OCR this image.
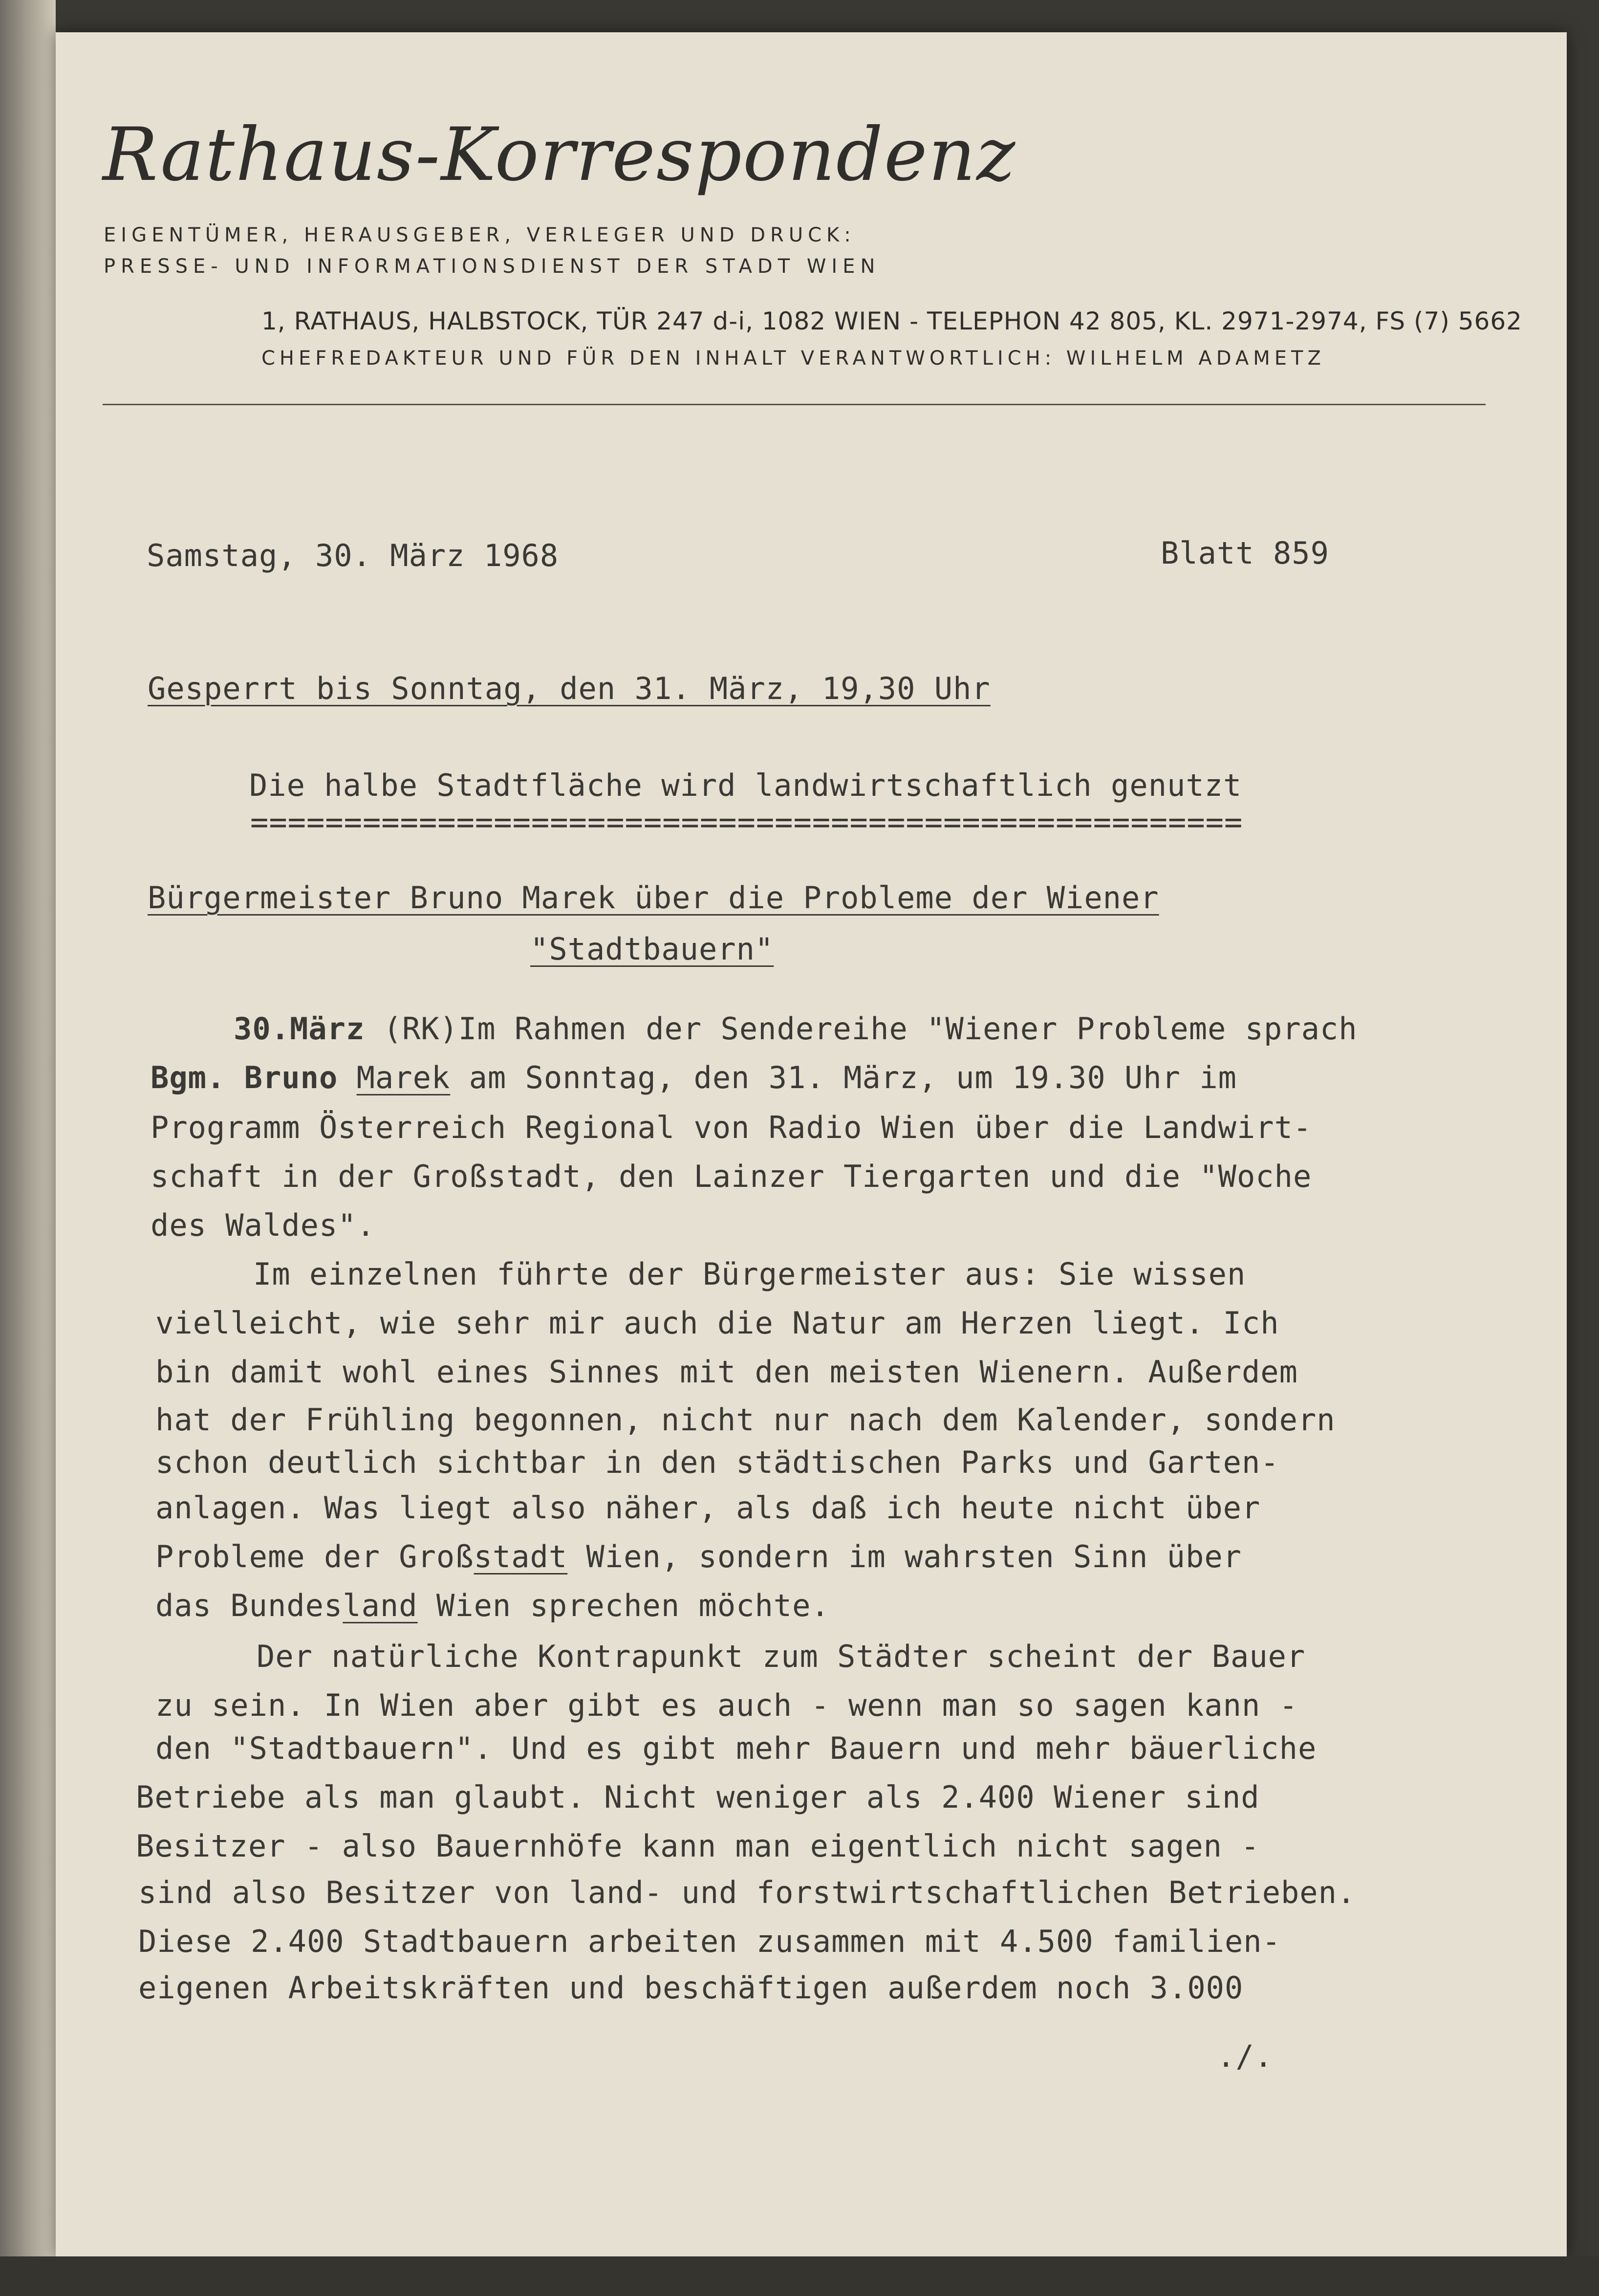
Rathaus-Korrespondenz
EIGENTÜMER, HERAUSGEBER, VERLEGER UND DRUCK:
PRESSE- UND INFORMATIONSDIENST DER STADT WIEN
1, RATHAUS, HALBSTOCK, TÜR 247 d-i, 1082 WIEN - TELEPHON 42 805, KL. 2971-2974, FS (7) 5662
CHEFREDAKTEUR UND FÜR DEN INHALT VERANTWORTLICH: WILHELM ADAMETZ
Samstag, 30. März 1968	Blatt 859
Gesperrt bis Sonntag, den 31. März, 19,30 Uhr
Die halbe Stadtfläche wird landwirtschaftlich genutzt
=====================================================
Bürgermeister Bruno Marek über die Probleme der Wiener
"Stadtbauern"
30.März (RK)Im Rahmen der Sendereihe "Wiener Probleme sprach
Bgm. Bruno Marek am Sonntag, den 31. März, um 19.30 Uhr im
Programm Österreich Regional von Radio Wien über die Landwirt-
schaft in der Großstadt, den Lainzer Tiergarten und die "Woche
des Waldes".
Im einzelnen führte der Bürgermeister aus: Sie wissen
vielleicht, wie sehr mir auch die Natur am Herzen liegt. Ich
bin damit wohl eines Sinnes mit den meisten Wienern. Außerdem
hat der Frühling begonnen, nicht nur nach dem Kalender, sondern
schon deutlich sichtbar in den städtischen Parks und Garten-
anlagen. Was liegt also näher, als daß ich heute nicht über
Probleme der Großstadt Wien, sondern im wahrsten Sinn über
das Bundesland Wien sprechen möchte.
Der natürliche Kontrapunkt zum Städter scheint der Bauer
zu sein. In Wien aber gibt es auch - wenn man so sagen kann -
den "Stadtbauern". Und es gibt mehr Bauern und mehr bäuerliche
Betriebe als man glaubt. Nicht weniger als 2.400 Wiener sind
Besitzer - also Bauernhöfe kann man eigentlich nicht sagen -
sind also Besitzer von land- und forstwirtschaftlichen Betrieben.
Diese 2.400 Stadtbauern arbeiten zusammen mit 4.500 familien-
eigenen Arbeitskräften und beschäftigen außerdem noch 3.000
./.
